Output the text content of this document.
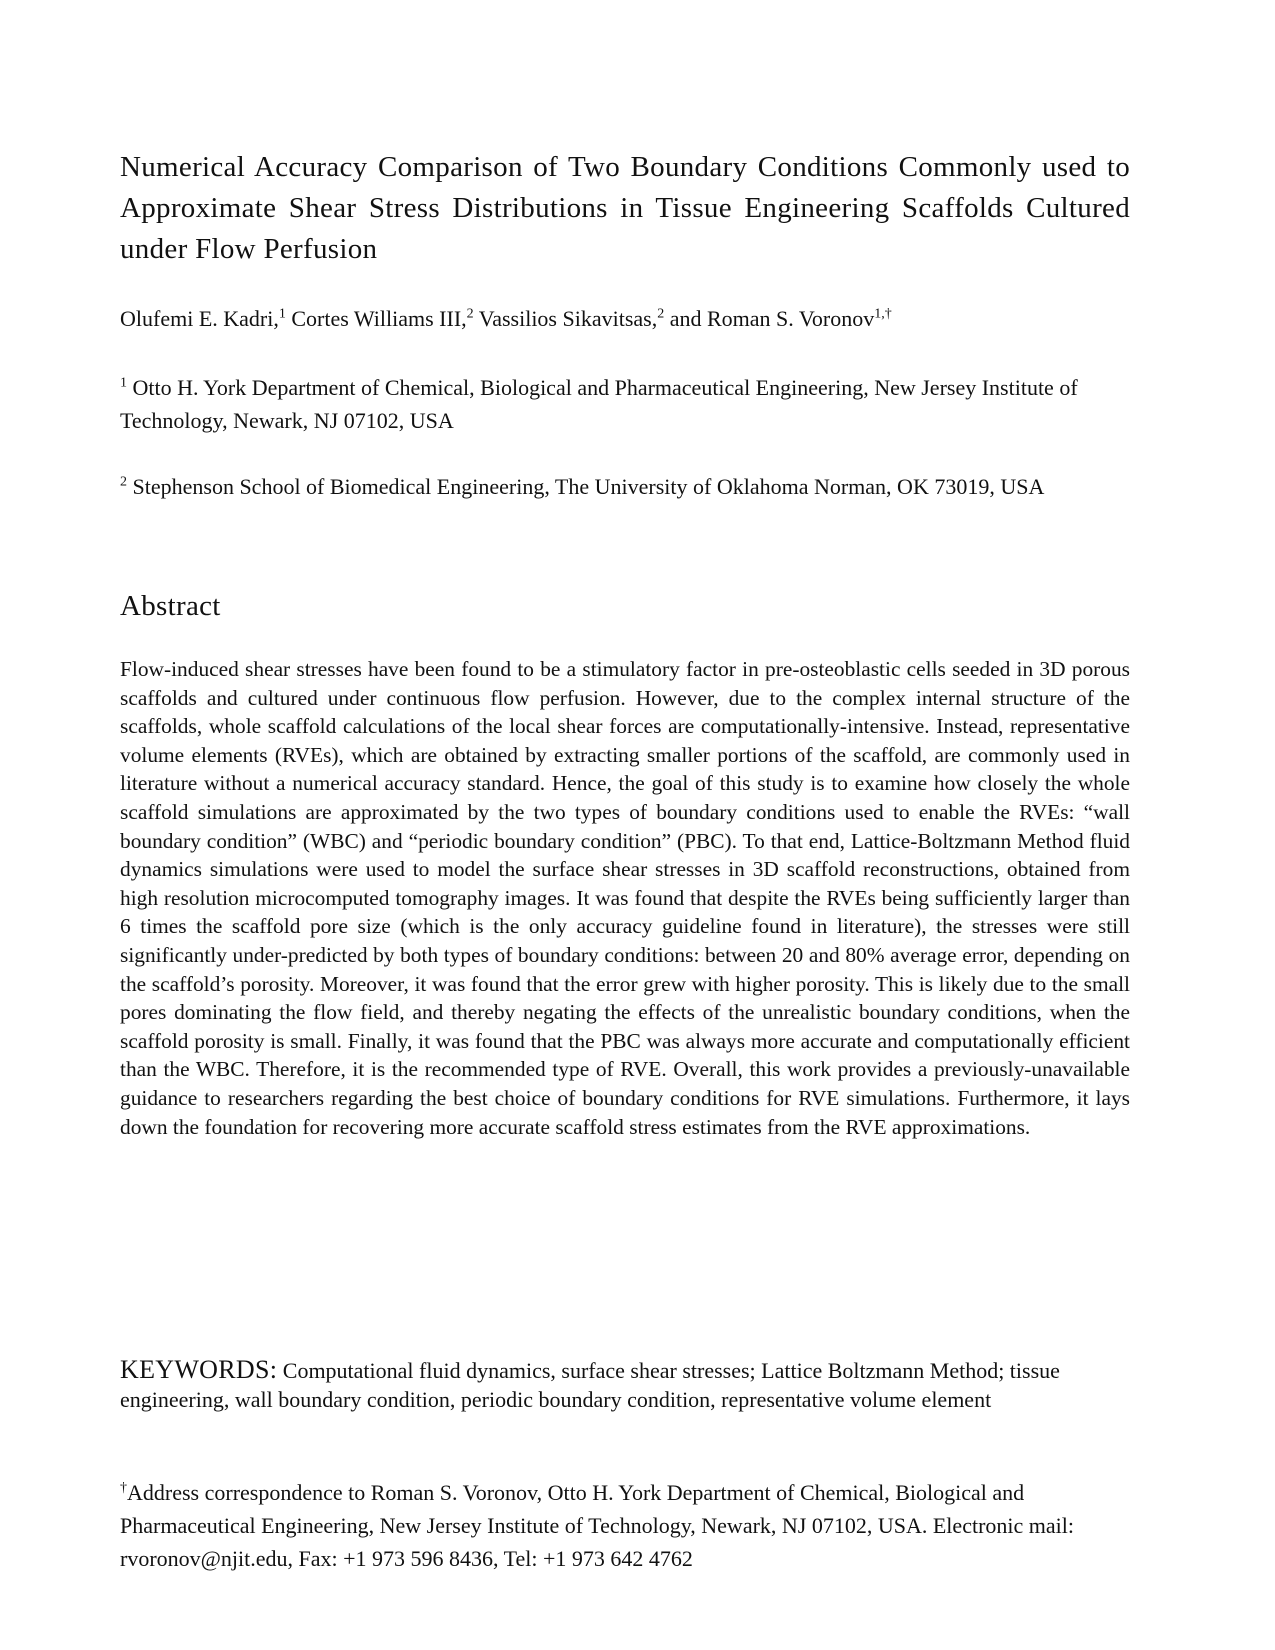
Numerical Accuracy Comparison of Two Boundary Conditions Commonly used to Approximate Shear Stress Distributions in Tissue Engineering Scaffolds Cultured under Flow Perfusion

Olufemi E. Kadri,$^1$ Cortes Williams III,$^2$ Vassilios Sikavitsas,$^2$ and Roman S. Voronov$^{1,\dagger}$

$^1$ Otto H. York Department of Chemical, Biological and Pharmaceutical Engineering, New Jersey Institute of Technology, Newark, NJ 07102, USA

$^2$ Stephenson School of Biomedical Engineering, The University of Oklahoma Norman, OK 73019, USA

Abstract

Flow-induced shear stresses have been found to be a stimulatory factor in pre-osteoblastic cells seeded in 3D porous scaffolds and cultured under continuous flow perfusion. However, due to the complex internal structure of the scaffolds, whole scaffold calculations of the local shear forces are computationally-intensive. Instead, representative volume elements (RVEs), which are obtained by extracting smaller portions of the scaffold, are commonly used in literature without a numerical accuracy standard. Hence, the goal of this study is to examine how closely the whole scaffold simulations are approximated by the two types of boundary conditions used to enable the RVEs: “wall boundary condition” (WBC) and “periodic boundary condition” (PBC). To that end, Lattice-Boltzmann Method fluid dynamics simulations were used to model the surface shear stresses in 3D scaffold reconstructions, obtained from high resolution microcomputed tomography images. It was found that despite the RVEs being sufficiently larger than 6 times the scaffold pore size (which is the only accuracy guideline found in literature), the stresses were still significantly under-predicted by both types of boundary conditions: between 20 and 80% average error, depending on the scaffold’s porosity. Moreover, it was found that the error grew with higher porosity. This is likely due to the small pores dominating the flow field, and thereby negating the effects of the unrealistic boundary conditions, when the scaffold porosity is small. Finally, it was found that the PBC was always more accurate and computationally efficient than the WBC. Therefore, it is the recommended type of RVE. Overall, this work provides a previously-unavailable guidance to researchers regarding the best choice of boundary conditions for RVE simulations. Furthermore, it lays down the foundation for recovering more accurate scaffold stress estimates from the RVE approximations.

KEYWORDS: Computational fluid dynamics, surface shear stresses; Lattice Boltzmann Method; tissue engineering, wall boundary condition, periodic boundary condition, representative volume element

†Address correspondence to Roman S. Voronov, Otto H. York Department of Chemical, Biological and Pharmaceutical Engineering, New Jersey Institute of Technology, Newark, NJ 07102, USA. Electronic mail: rvoronov@njit.edu, Fax: +1 973 596 8436, Tel: +1 973 642 4762
